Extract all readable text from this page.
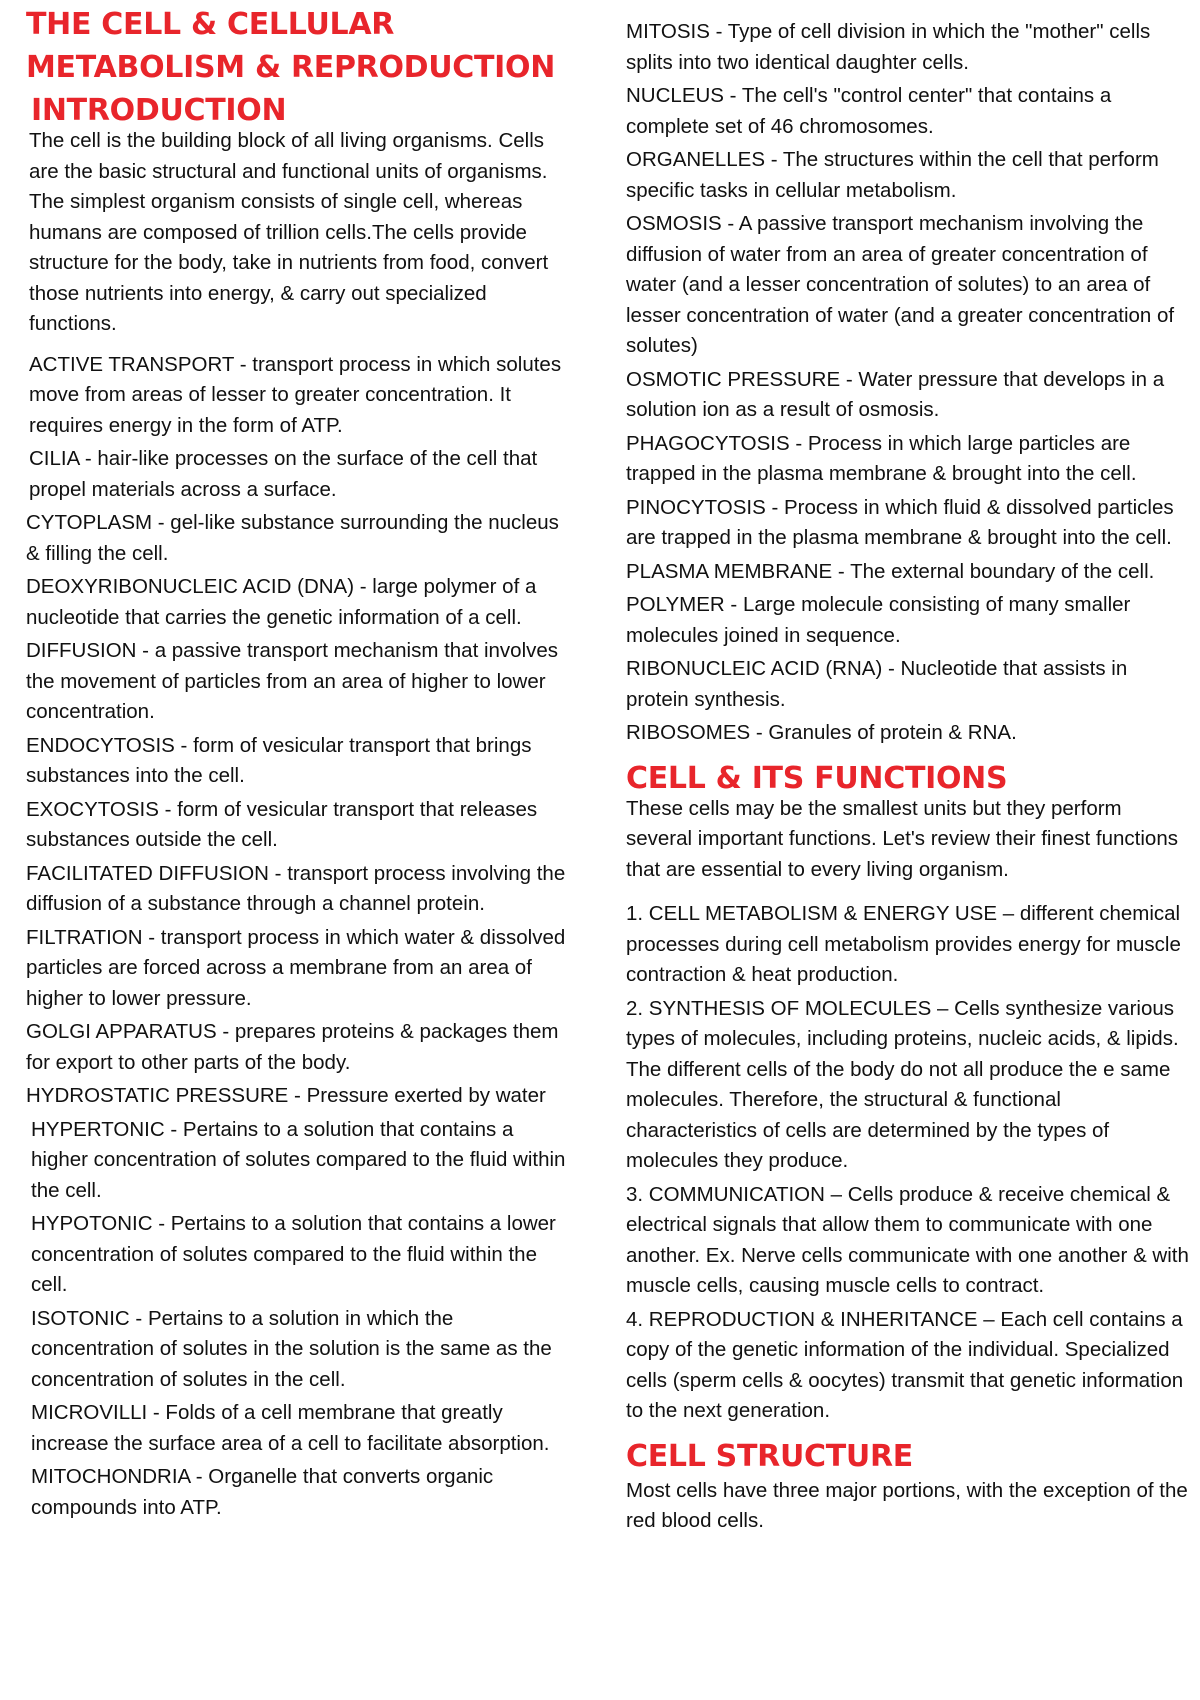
THE CELL & CELLULAR
METABOLISM & REPRODUCTION
INTRODUCTION
The cell is the building block of all living organisms. Cells are the basic structural and functional units of organisms.
The simplest organism consists of single cell, whereas humans are composed of trillion cells.The cells provide structure for the body, take in nutrients from food, convert those nutrients into energy, & carry out specialized functions.
ACTIVE TRANSPORT - transport process in which solutes move from areas of lesser to greater concentration. It requires energy in the form of ATP.
CILIA - hair-like processes on the surface of the cell that propel materials across a surface.
CYTOPLASM - gel-like substance surrounding the nucleus & filling the cell.
DEOXYRIBONUCLEIC ACID (DNA) - large polymer of a nucleotide that carries the genetic information of a cell.
DIFFUSION - a passive transport mechanism that involves the movement of particles from an area of higher to lower concentration.
ENDOCYTOSIS - form of vesicular transport that brings substances into the cell.
EXOCYTOSIS - form of vesicular transport that releases substances outside the cell.
FACILITATED DIFFUSION - transport process involving the diffusion of a substance through a channel protein.
FILTRATION - transport process in which water & dissolved particles are forced across a membrane from an area of higher to lower pressure.
GOLGI APPARATUS - prepares proteins & packages them for export to other parts of the body.
HYDROSTATIC PRESSURE - Pressure exerted by water
HYPERTONIC - Pertains to a solution that contains a higher concentration of solutes compared to the fluid within the cell.
HYPOTONIC - Pertains to a solution that contains a lower concentration of solutes compared to the fluid within the cell.
ISOTONIC - Pertains to a solution in which the concentration of solutes in the solution is the same as the concentration of solutes in the cell.
MICROVILLI - Folds of a cell membrane that greatly increase the surface area of a cell to facilitate absorption.
MITOCHONDRIA - Organelle that converts organic compounds into ATP.
MITOSIS - Type of cell division in which the "mother" cells splits into two identical daughter cells.
NUCLEUS - The cell's "control center" that contains a complete set of 46 chromosomes.
ORGANELLES - The structures within the cell that perform specific tasks in cellular metabolism.
OSMOSIS - A passive transport mechanism involving the diffusion of water from an area of greater concentration of water (and a lesser concentration of solutes) to an area of lesser concentration of water (and a greater concentration of solutes)
OSMOTIC PRESSURE - Water pressure that develops in a solution ion as a result of osmosis.
PHAGOCYTOSIS - Process in which large particles are trapped in the plasma membrane & brought into the cell.
PINOCYTOSIS - Process in which fluid & dissolved particles are trapped in the plasma membrane & brought into the cell.
PLASMA MEMBRANE - The external boundary of the cell.
POLYMER - Large molecule consisting of many smaller molecules joined in sequence.
RIBONUCLEIC ACID (RNA) - Nucleotide that assists in protein synthesis.
RIBOSOMES - Granules of protein & RNA.
CELL & ITS FUNCTIONS
These cells may be the smallest units but they perform several important functions. Let's review their finest functions that are essential to every living organism.
1. CELL METABOLISM & ENERGY USE – different chemical processes during cell metabolism provides energy for muscle contraction & heat production.
2. SYNTHESIS OF MOLECULES – Cells synthesize various types of molecules, including proteins, nucleic acids, & lipids. The different cells of the body do not all produce the e same molecules. Therefore, the structural & functional characteristics of cells are determined by the types of molecules they produce.
3. COMMUNICATION – Cells produce & receive chemical & electrical signals that allow them to communicate with one another. Ex. Nerve cells communicate with one another & with muscle cells, causing muscle cells to contract.
4. REPRODUCTION & INHERITANCE – Each cell contains a copy of the genetic information of the individual. Specialized cells (sperm cells & oocytes) transmit that genetic information to the next generation.
CELL STRUCTURE
Most cells have three major portions, with the exception of the red blood cells.
